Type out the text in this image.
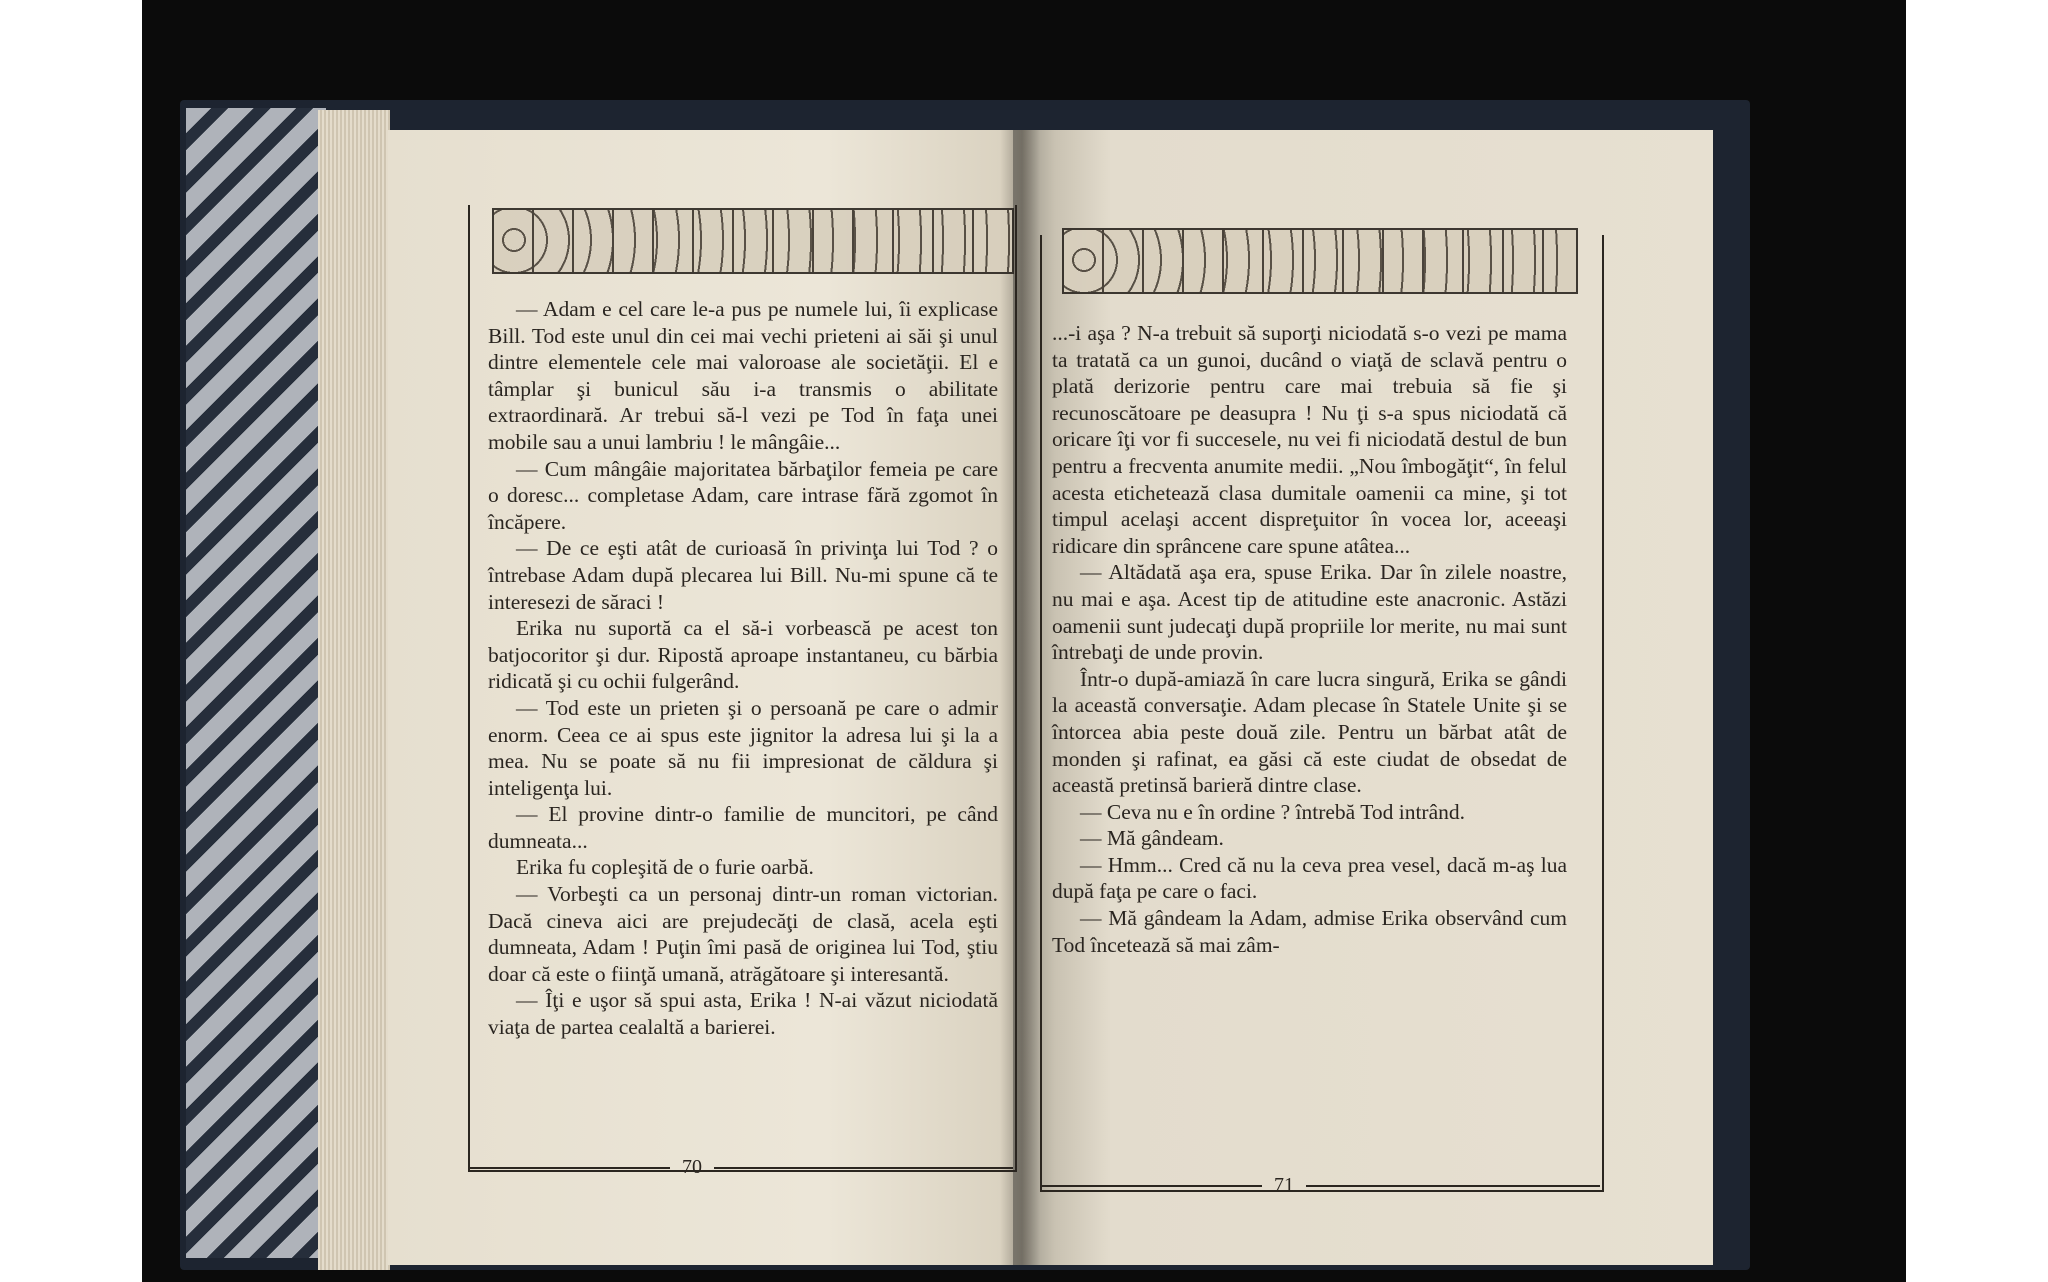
— Adam e cel care le-a pus pe numele lui, îi explicase Bill. Tod este unul din cei mai vechi prieteni ai săi şi unul dintre elementele cele mai valoroase ale societăţii. El e tâmplar şi bunicul său i-a transmis o abilitate extraordinară. Ar trebui să-l vezi pe Tod în faţa unei mobile sau a unui lambriu ! le mângâie...

— Cum mângâie majoritatea bărbaţilor femeia pe care o doresc... completase Adam, care intrase fără zgomot în încăpere.

— De ce eşti atât de curioasă în privinţa lui Tod ? o întrebase Adam după plecarea lui Bill. Nu-mi spune că te interesezi de săraci !

Erika nu suportă ca el să-i vorbească pe acest ton batjocoritor şi dur. Ripostă aproape instantaneu, cu bărbia ridicată şi cu ochii fulgerând.

— Tod este un prieten şi o persoană pe care o admir enorm. Ceea ce ai spus este jignitor la adresa lui şi la a mea. Nu se poate să nu fii impresionat de căldura şi inteligenţa lui.

— El provine dintr-o familie de muncitori, pe când dumneata...

Erika fu copleşită de o furie oarbă.

— Vorbeşti ca un personaj dintr-un roman victorian. Dacă cineva aici are prejudecăţi de clasă, acela eşti dumneata, Adam ! Puţin îmi pasă de originea lui Tod, ştiu doar că este o fiinţă umană, atrăgătoare şi interesantă.

— Îţi e uşor să spui asta, Erika ! N-ai văzut niciodată viaţa de partea cealaltă a barierei.

...-i aşa ? N-a trebuit să suporţi niciodată s-o vezi pe mama ta tratată ca un gunoi, ducând o viaţă de sclavă pentru o plată derizorie pentru care mai trebuia să fie şi recunoscătoare pe deasupra ! Nu ţi s-a spus niciodată că oricare îţi vor fi succesele, nu vei fi niciodată destul de bun pentru a frecventa anumite medii. „Nou îmbogăţit“, în felul acesta etichetează clasa dumitale oamenii ca mine, şi tot timpul acelaşi accent dispreţuitor în vocea lor, aceeaşi ridicare din sprâncene care spune atâtea...

— Altădată aşa era, spuse Erika. Dar în zilele noastre, nu mai e aşa. Acest tip de atitudine este anacronic. Astăzi oamenii sunt judecaţi după propriile lor merite, nu mai sunt întrebaţi de unde provin.

Într-o după-amiază în care lucra singură, Erika se gândi la această conversaţie. Adam plecase în Statele Unite şi se întorcea abia peste două zile. Pentru un bărbat atât de monden şi rafinat, ea găsi că este ciudat de obsedat de această pretinsă barieră dintre clase.

— Ceva nu e în ordine ? întrebă Tod intrând.

— Mă gândeam.

— Hmm... Cred că nu la ceva prea vesel, dacă m-aş lua după faţa pe care o faci.

— Mă gândeam la Adam, admise Erika observând cum Tod încetează să mai zâm-

70
71
